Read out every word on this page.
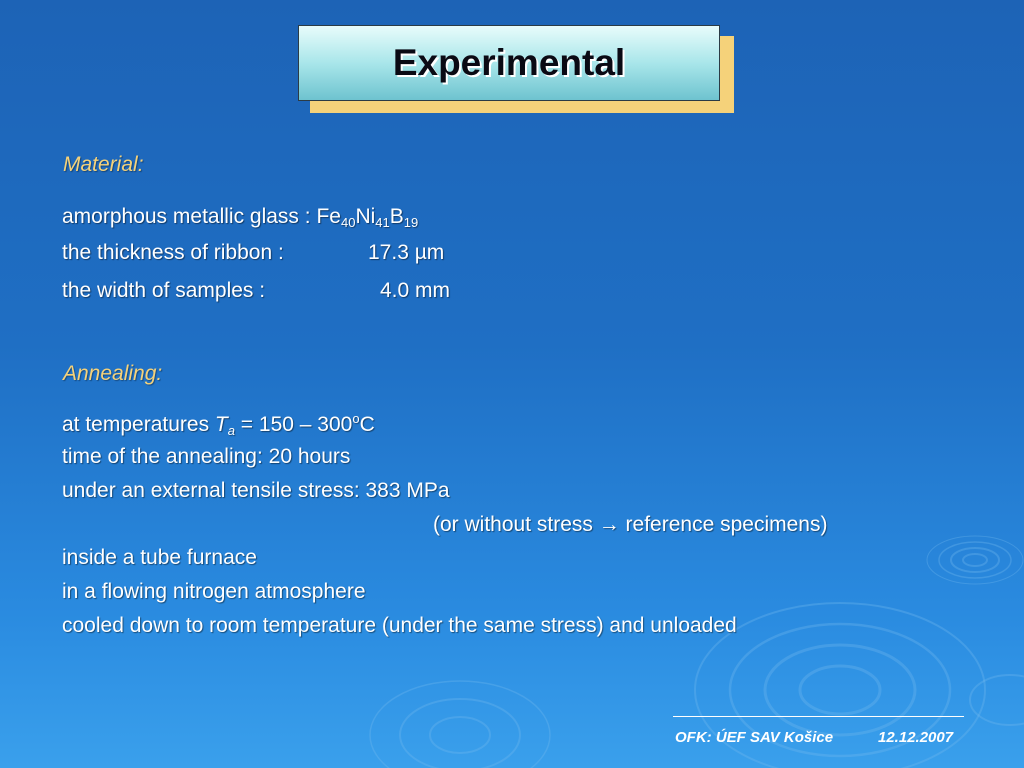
Experimental
Material:
amorphous metallic glass : $Fe_{40}Ni_{41}B_{19}$
the thickness of ribbon :	17.3 µm
the width of samples :	4.0 mm
Annealing:
at temperatures $T_a = 150 - 300^oC$
time of the annealing: 20 hours
under an external tensile stress: 383 MPa
(or without stress → reference specimens)
inside a tube furnace
in a flowing nitrogen atmosphere
cooled down to room temperature (under the same stress) and unloaded
OFK: ÚEF SAV Košice	12.12.2007
